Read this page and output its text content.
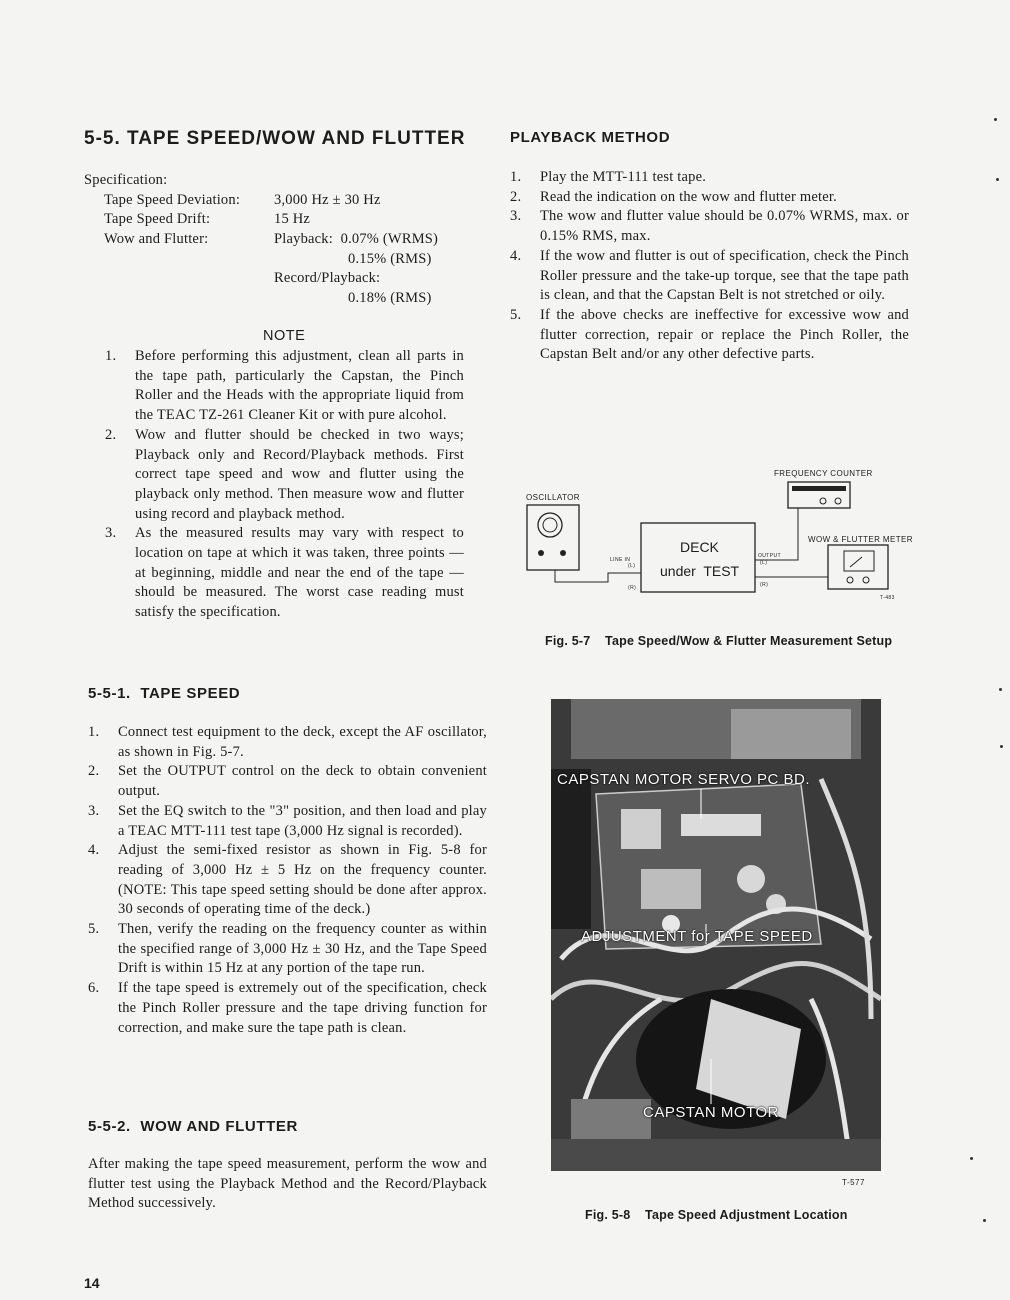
5-5. TAPE SPEED/WOW AND FLUTTER
Specification:
Tape Speed Deviation: 3,000 Hz ± 30 Hz
Tape Speed Drift:	15 Hz
Wow and Flutter:	Playback:  0.07% (WRMS)
0.15% (RMS)
Record/Playback:
0.18% (RMS)
NOTE
1. Before performing this adjustment, clean all parts in the tape path, particularly the Capstan, the Pinch Roller and the Heads with the appropriate liquid from the TEAC TZ-261 Cleaner Kit or with pure alcohol.
2. Wow and flutter should be checked in two ways; Playback only and Record/Playback methods. First correct tape speed and wow and flutter using the playback only method. Then measure wow and flutter using record and playback method.
3. As the measured results may vary with respect to location on tape at which it was taken, three points — at beginning, middle and near the end of the tape — should be measured. The worst case reading must satisfy the specification.
5-5-1.  TAPE SPEED
1. Connect test equipment to the deck, except the AF oscillator, as shown in Fig. 5-7.
2. Set the OUTPUT control on the deck to obtain convenient output.
3. Set the EQ switch to the "3" position, and then load and play a TEAC MTT-111 test tape (3,000 Hz signal is recorded).
4. Adjust the semi-fixed resistor as shown in Fig. 5-8 for reading of 3,000 Hz ± 5 Hz on the frequency counter. (NOTE: This tape speed setting should be done after approx. 30 seconds of operating time of the deck.)
5. Then, verify the reading on the frequency counter as within the specified range of 3,000 Hz ± 30 Hz, and the Tape Speed Drift is within 15 Hz at any portion of the tape run.
6. If the tape speed is extremely out of the specification, check the Pinch Roller pressure and the tape driving function for correction, and make sure the tape path is clean.
5-5-2.  WOW AND FLUTTER
After making the tape speed measurement, perform the wow and flutter test using the Playback Method and the Record/Playback Method successively.
14
PLAYBACK METHOD
1. Play the MTT-111 test tape.
2. Read the indication on the wow and flutter meter.
3. The wow and flutter value should be 0.07% WRMS, max. or 0.15% RMS, max.
4. If the wow and flutter is out of specification, check the Pinch Roller pressure and the take-up torque, see that the tape path is clean, and that the Capstan Belt is not stretched or oily.
5. If the above checks are ineffective for excessive wow and flutter correction, repair or replace the Pinch Roller, the Capstan Belt and/or any other defective parts.
OSCILLATOR
FREQUENCY COUNTER
WOW & FLUTTER METER
DECK
under  TEST
LINE IN
(L)
OUTPUT
(L)
(R)	(R)
T-483
Fig. 5-7    Tape Speed/Wow & Flutter Measurement Setup
CAPSTAN MOTOR SERVO PC BD.
ADJUSTMENT for TAPE SPEED
CAPSTAN MOTOR
T-577
Fig. 5-8    Tape Speed Adjustment Location
